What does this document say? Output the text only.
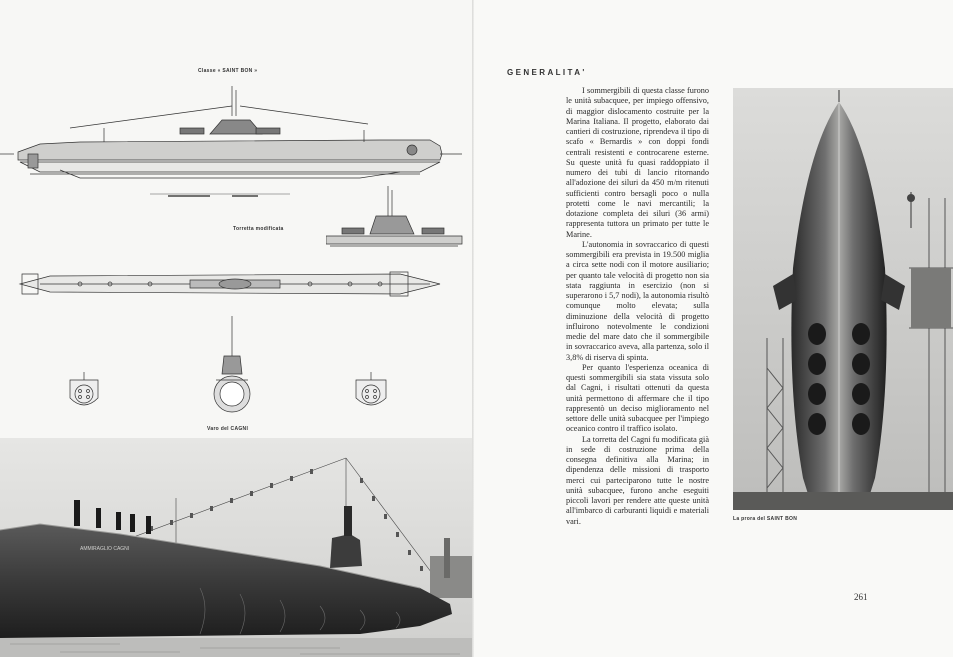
Classe « SAINT BON »
Torretta modificata
Varo del CAGNI
AMMIRAGLIO CAGNI
GENERALITA'

I sommergibili di questa classe furono le unità subacquee, per impiego offensivo, di maggior dislocamento costruite per la Marina Italiana. Il progetto, elaborato dai cantieri di costruzione, riprendeva il tipo di scafo « Bernardis » con doppi fondi centrali resistenti e controcarene esterne. Su queste unità fu quasi raddoppiato il numero dei tubi di lancio ritornando all'adozione dei siluri da 450 m/m ritenuti sufficienti contro bersagli poco o nulla protetti come le navi mercantili; la dotazione completa dei siluri (36 armi) rappresenta tuttora un primato per tutte le Marine.

L'autonomia in sovraccarico di questi sommergibili era prevista in 19.500 miglia a circa sette nodi con il motore ausiliario; per quanto tale velocità di progetto non sia stata raggiunta in esercizio (non si superarono i 5,7 nodi), la autonomia risultò comunque molto elevata; sulla diminuzione della velocità di progetto influirono notevolmente le condizioni medie del mare dato che il sommergibile in sovraccarico aveva, alla partenza, solo il 3,8% di riserva di spinta.

Per quanto l'esperienza oceanica di questi sommergibili sia stata vissuta solo dal Cagni, i risultati ottenuti da questa unità permettono di affermare che il tipo rappresentò un deciso miglioramento nel settore delle unità subacquee per l'impiego oceanico contro il traffico isolato.

La torretta del Cagni fu modificata già in sede di costruzione prima della consegna definitiva alla Marina; in dipendenza delle missioni di trasporto merci cui parteciparono tutte le nostre unità subacquee, furono anche eseguiti piccoli lavori per rendere atte queste unità all'imbarco di carburanti liquidi e materiali vari.	La prora del SAINT BON
261
